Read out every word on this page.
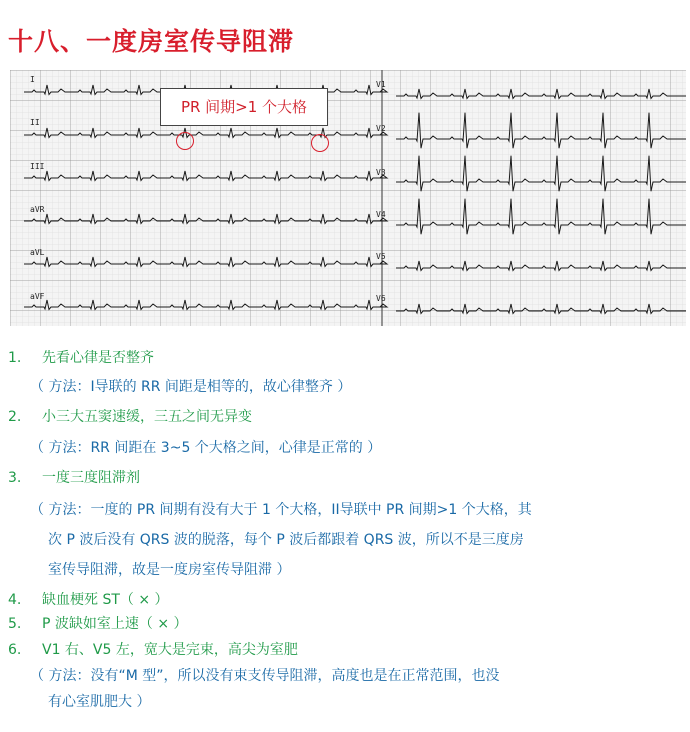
十八、一度房室传导阻滞
I
II
III
aVR
aVL
aVF
V1
V2
V3
V4
V5
V6
PR 间期>1 个大格
1. 先看心律是否整齐
（ 方法：I导联的 RR 间距是相等的，故心律整齐 ）
2. 小三大五窦速缓，三五之间无异变
（ 方法：RR 间距在 3~5 个大格之间，心律是正常的 ）
3. 一度三度阻滞剂
（ 方法：一度的 PR 间期有没有大于 1 个大格，II导联中 PR 间期>1 个大格，其
次 P 波后没有 QRS 波的脱落，每个 P 波后都跟着 QRS 波，所以不是三度房
室传导阻滞，故是一度房室传导阻滞 ）
4. 缺血梗死 ST（ × ）
5. P 波缺如室上速（ × ）
6. V1 右、V5 左，宽大是完束，高尖为室肥
（ 方法：没有“M 型”，所以没有束支传导阻滞，高度也是在正常范围，也没
有心室肌肥大 ）
